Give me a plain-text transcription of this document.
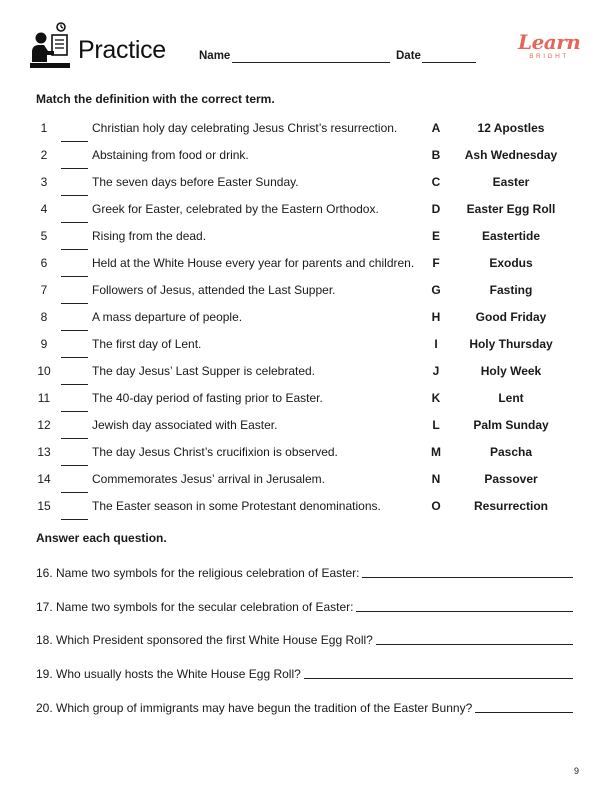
Practice	Name	Date
Learn
BRIGHT
Match the definition with the correct term.
1	Christian holy day celebrating Jesus Christ’s resurrection.	A	12 Apostles
2	Abstaining from food or drink.	B	Ash Wednesday
3	The seven days before Easter Sunday.	C	Easter
4	Greek for Easter, celebrated by the Eastern Orthodox.	D	Easter Egg Roll
5	Rising from the dead.	E	Eastertide
6	Held at the White House every year for parents and children.	F	Exodus
7	Followers of Jesus, attended the Last Supper.	G	Fasting
8	A mass departure of people.	H	Good Friday
9	The first day of Lent.	I	Holy Thursday
10	The day Jesus’ Last Supper is celebrated.	J	Holy Week
11	The 40-day period of fasting prior to Easter.	K	Lent
12	Jewish day associated with Easter.	L	Palm Sunday
13	The day Jesus Christ’s crucifixion is observed.	M	Pascha
14	Commemorates Jesus’ arrival in Jerusalem.	N	Passover
15	The Easter season in some Protestant denominations.	O	Resurrection
Answer each question.
16. Name two symbols for the religious celebration of Easter:
17. Name two symbols for the secular celebration of Easter:
18. Which President sponsored the first White House Egg Roll?
19. Who usually hosts the White House Egg Roll?
20. Which group of immigrants may have begun the tradition of the Easter Bunny?
9
